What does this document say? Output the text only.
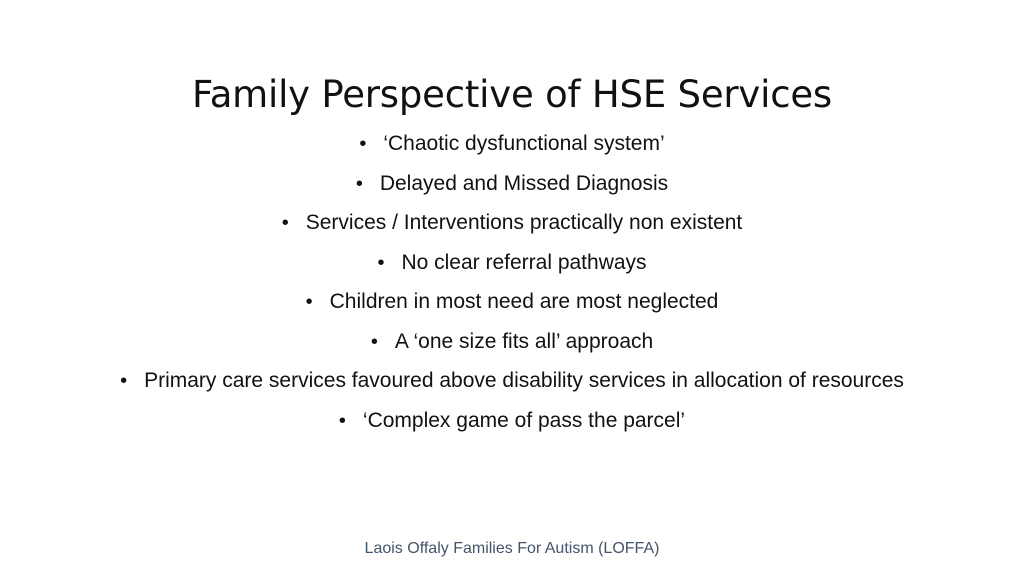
Family Perspective of HSE Services
•‘Chaotic dysfunctional system’
•Delayed and Missed Diagnosis
•Services / Interventions practically non existent
•No clear referral pathways
•Children in most need are most neglected
•A ‘one size fits all’ approach
•Primary care services favoured above disability services in allocation of resources
•‘Complex game of pass the parcel’
Laois Offaly Families For Autism (LOFFA)
